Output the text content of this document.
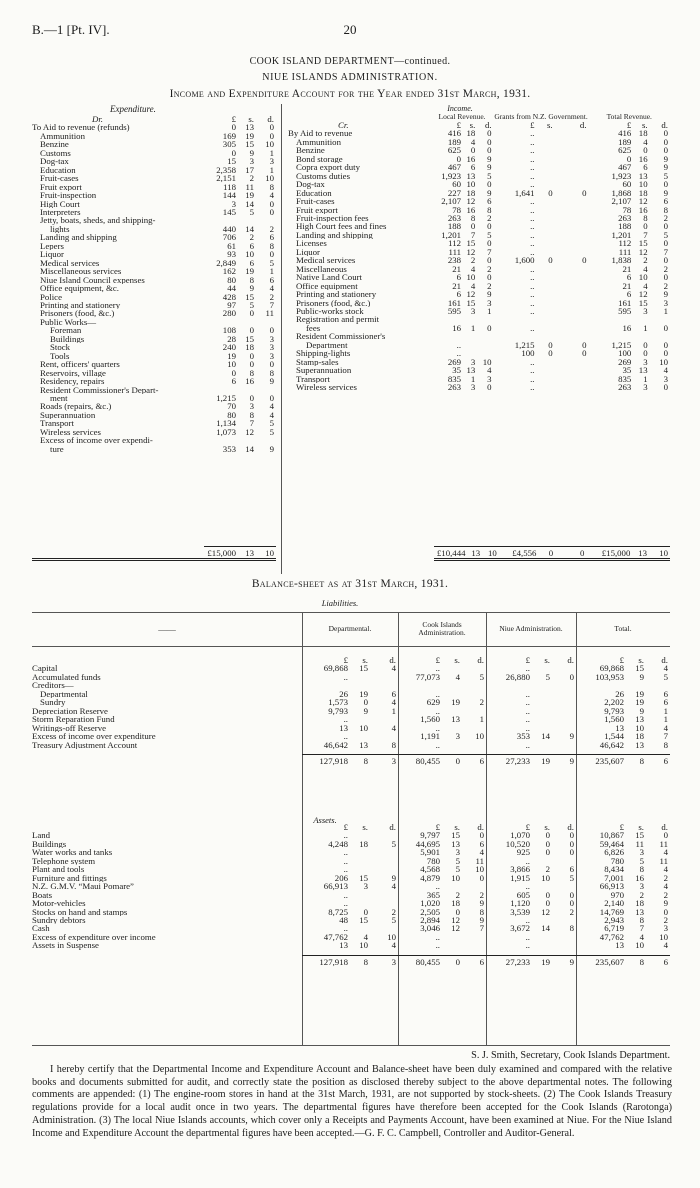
B.—1 [Pt. IV].	20
COOK ISLAND DEPARTMENT—continued.
NIUE ISLANDS ADMINISTRATION.
Income and Expenditure Account for the Year ended 31st March, 1931.
Expenditure.
Dr.	£	s.	d.
To Aid to revenue (refunds)	0	13	0
Ammunition	169	19	0
Benzine	305	15	10
Customs	0	9	1
Dog-tax	15	3	3
Education	2,358	17	1
Fruit-cases	2,151	2	10
Fruit export	118	11	8
Fruit-inspection	144	19	4
High Court	3	14	0
Interpreters	145	5	0
Jetty, boats, sheds, and shipping-			
lights	440	14	2
Landing and shipping	706	2	6
Lepers	61	6	8
Liquor	93	10	0
Medical services	2,849	6	5
Miscellaneous services	162	19	1
Niue Island Council expenses	80	8	6
Office equipment, &c.	44	9	4
Police	428	15	2
Printing and stationery	97	5	7
Prisoners (food, &c.)	280	0	11
Public Works—			
Foreman	108	0	0
Buildings	28	15	3
Stock	240	18	3
Tools	19	0	3
Rent, officers' quarters	10	0	0
Reservoirs, village	0	8	8
Residency, repairs	6	16	9
Resident Commissioner's Depart-			
ment	1,215	0	0
Roads (repairs, &c.)	70	3	4
Superannuation	80	8	4
Transport	1,134	7	5
Wireless services	1,073	12	5
Excess of income over expendi-			
ture	353	14	9
Income.
	Local Revenue.			Grants from N.Z. Government.			Total Revenue.		
Cr.	£	s.	d.	£	s.	d.	£	s.	d.
By Aid to revenue	416	18	0	..			416	18	0
Ammunition	189	4	0	..			189	4	0
Benzine	625	0	0	..			625	0	0
Bond storage	0	16	9	..			0	16	9
Copra export duty	467	6	9	..			467	6	9
Customs duties	1,923	13	5	..			1,923	13	5
Dog-tax	60	10	0	..			60	10	0
Education	227	18	9	1,641	0	0	1,868	18	9
Fruit-cases	2,107	12	6	..			2,107	12	6
Fruit export	78	16	8	..			78	16	8
Fruit-inspection fees	263	8	2	..			263	8	2
High Court fees and fines	188	0	0	..			188	0	0
Landing and shipping	1,201	7	5	..			1,201	7	5
Licenses	112	15	0	..			112	15	0
Liquor	111	12	7	..			111	12	7
Medical services	238	2	0	1,600	0	0	1,838	2	0
Miscellaneous	21	4	2	..			21	4	2
Native Land Court	6	10	0	..			6	10	0
Office equipment	21	4	2	..			21	4	2
Printing and stationery	6	12	9	..			6	12	9
Prisoners (food, &c.)	161	15	3	..			161	15	3
Public-works stock	595	3	1	..			595	3	1
Registration and permit									
fees	16	1	0	..			16	1	0
Resident Commissioner's									
Department	..			1,215	0	0	1,215	0	0
Shipping-lights	..			100	0	0	100	0	0
Stamp-sales	269	3	10	..			269	3	10
Superannuation	35	13	4	..			35	13	4
Transport	835	1	3	..			835	1	3
Wireless services	263	3	0	..			263	3	0
	£15,000	13	10
		£10,444	13	10	£4,556	0	0	£15,000	13	10
Balance-sheet as at 31st March, 1931.
Liabilities.
——	Departmental.	Cook Islands Administration.	Niue Administration.	Total.
	£	s.	d.	£	s.	d.	£	s.	d.	£	s.	d.
Capital	69,868	15	4	..			..			69,868	15	4
Accumulated funds	..			77,073	4	5	26,880	5	0	103,953	9	5
Creditors—												
Departmental	26	19	6	..			..			26	19	6
Sundry	1,573	0	4	629	19	2	..			2,202	19	6
Depreciation Reserve	9,793	9	1	..			..			9,793	9	1
Storm Reparation Fund	..			1,560	13	1	..			1,560	13	1
Writings-off Reserve	13	10	4	..			..			13	10	4
Excess of income over expenditure	..			1,191	3	10	353	14	9	1,544	18	7
Treasury Adjustment Account	46,642	13	8	..			..			46,642	13	8

	127,918	8	3	80,455	0	6	27,233	19	9	235,607	8	6
Assets.
	£	s.	d.	£	s.	d.	£	s.	d.	£	s.	d.
Land	..			9,797	15	0	1,070	0	0	10,867	15	0
Buildings	4,248	18	5	44,695	13	6	10,520	0	0	59,464	11	11
Water works and tanks	..			5,901	3	4	925	0	0	6,826	3	4
Telephone system	..			780	5	11	..			780	5	11
Plant and tools	..			4,568	5	10	3,866	2	6	8,434	8	4
Furniture and fittings	206	15	9	4,879	10	0	1,915	10	5	7,001	16	2
N.Z. G.M.V. “Maui Pomare”	66,913	3	4	..			..			66,913	3	4
Boats	..			365	2	2	605	0	0	970	2	2
Motor-vehicles	..			1,020	18	9	1,120	0	0	2,140	18	9
Stocks on hand and stamps	8,725	0	2	2,505	0	8	3,539	12	2	14,769	13	0
Sundry debtors	48	15	5	2,894	12	9	..			2,943	8	2
Cash	..			3,046	12	7	3,672	14	8	6,719	7	3
Excess of expenditure over income	47,762	4	10	..			..			47,762	4	10
Assets in Suspense	13	10	4	..			..			13	10	4

	127,918	8	3	80,455	0	6	27,233	19	9	235,607	8	6
S. J. Smith, Secretary, Cook Islands Department.
I hereby certify that the Departmental Income and Expenditure Account and Balance-sheet have been duly examined and compared with the relative books and documents submitted for audit, and correctly state the position as disclosed thereby subject to the above departmental notes. The following comments are appended: (1) The engine-room stores in hand at the 31st March, 1931, are not supported by stock-sheets. (2) The Cook Islands Treasury regulations provide for a local audit once in two years. The departmental figures have therefore been accepted for the Cook Islands (Rarotonga) Administration. (3) The local Niue Islands accounts, which cover only a Receipts and Payments Account, have been examined at Niue. For the Niue Island Income and Expenditure Account the departmental figures have been accepted.—G. F. C. Campbell, Controller and Auditor-General.
